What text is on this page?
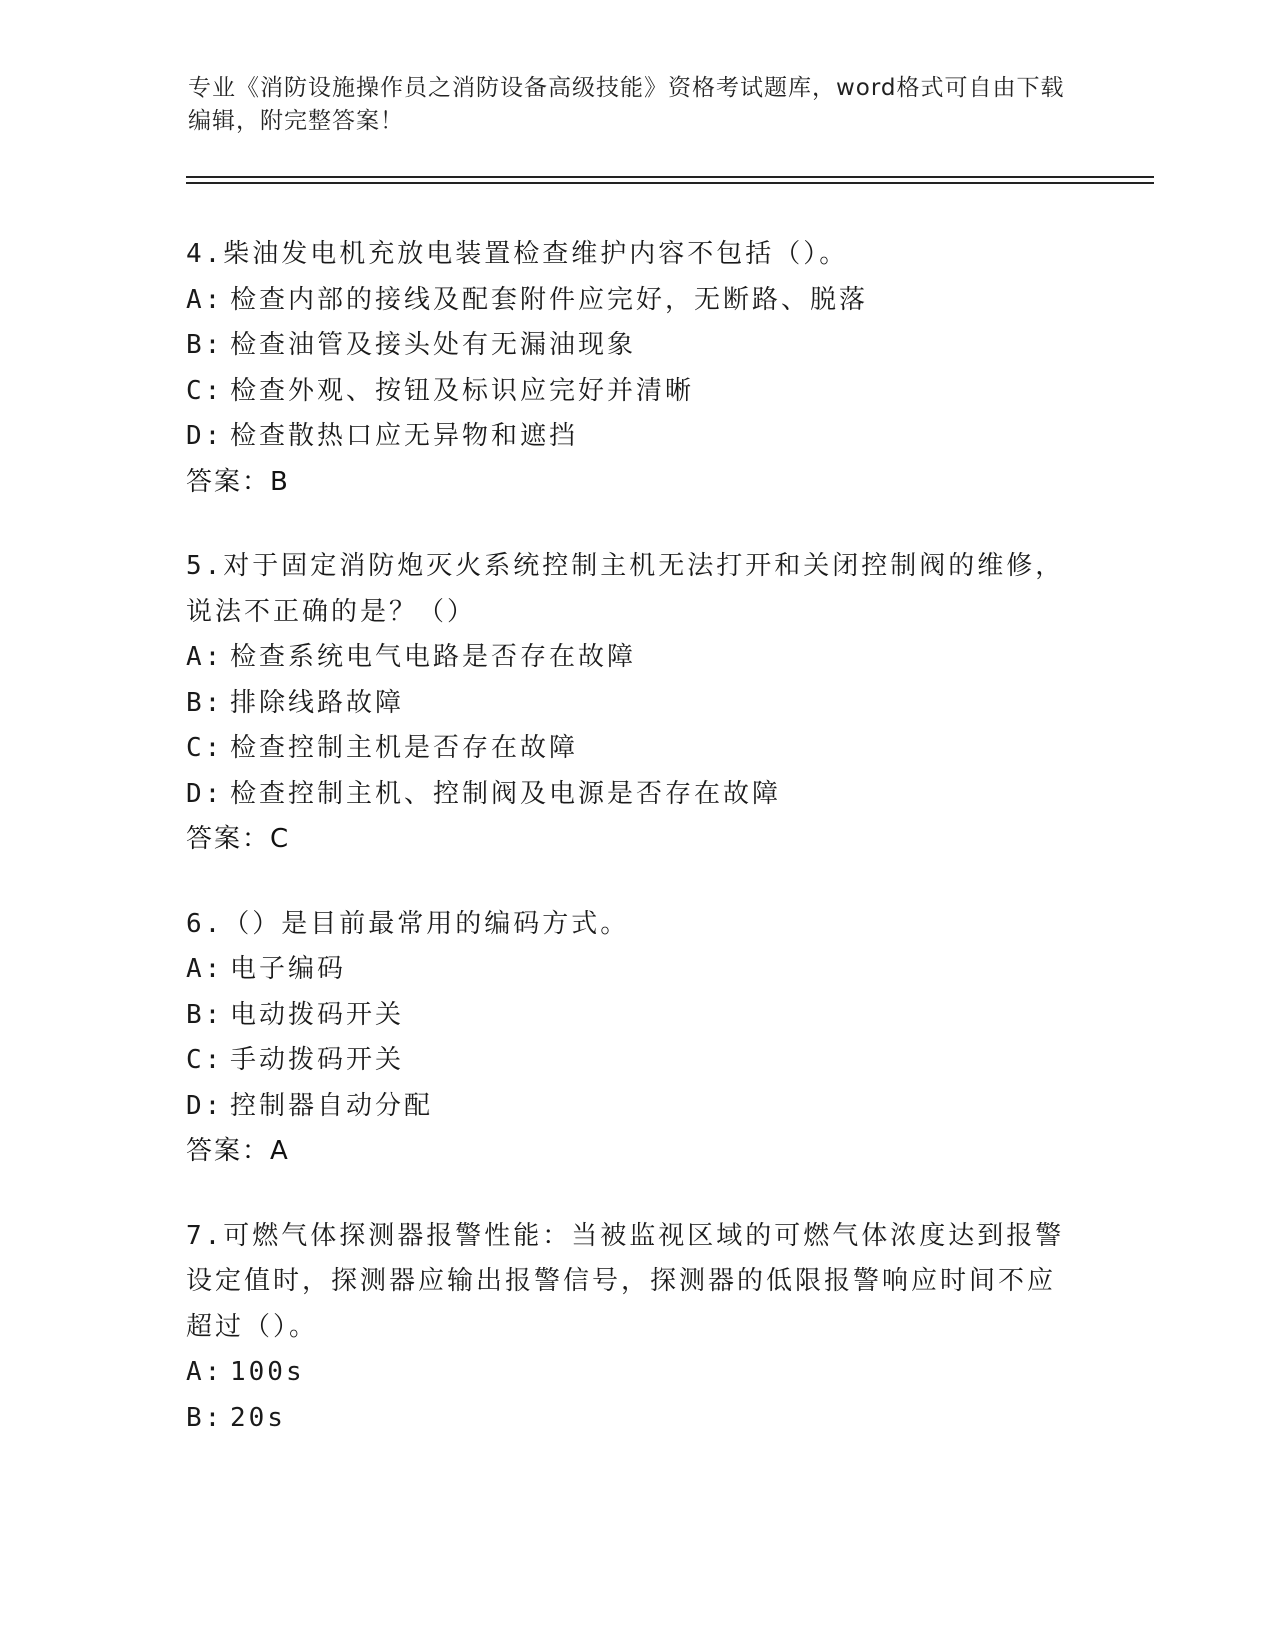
专业《消防设施操作员之消防设备高级技能》资格考试题库，word格式可自由下载编辑，附完整答案！
4.柴油发电机充放电装置检查维护内容不包括（）。
A: 检查内部的接线及配套附件应完好，无断路、脱落
B: 检查油管及接头处有无漏油现象
C: 检查外观、按钮及标识应完好并清晰
D: 检查散热口应无异物和遮挡
答案：B
5.对于固定消防炮灭火系统控制主机无法打开和关闭控制阀的维修，说法不正确的是？（）
A: 检查系统电气电路是否存在故障
B: 排除线路故障
C: 检查控制主机是否存在故障
D: 检查控制主机、控制阀及电源是否存在故障
答案：C
6.（）是目前最常用的编码方式。
A: 电子编码
B: 电动拨码开关
C: 手动拨码开关
D: 控制器自动分配
答案：A
7.可燃气体探测器报警性能：当被监视区域的可燃气体浓度达到报警设定值时，探测器应输出报警信号，探测器的低限报警响应时间不应超过（）。
A: 100s
B: 20s
